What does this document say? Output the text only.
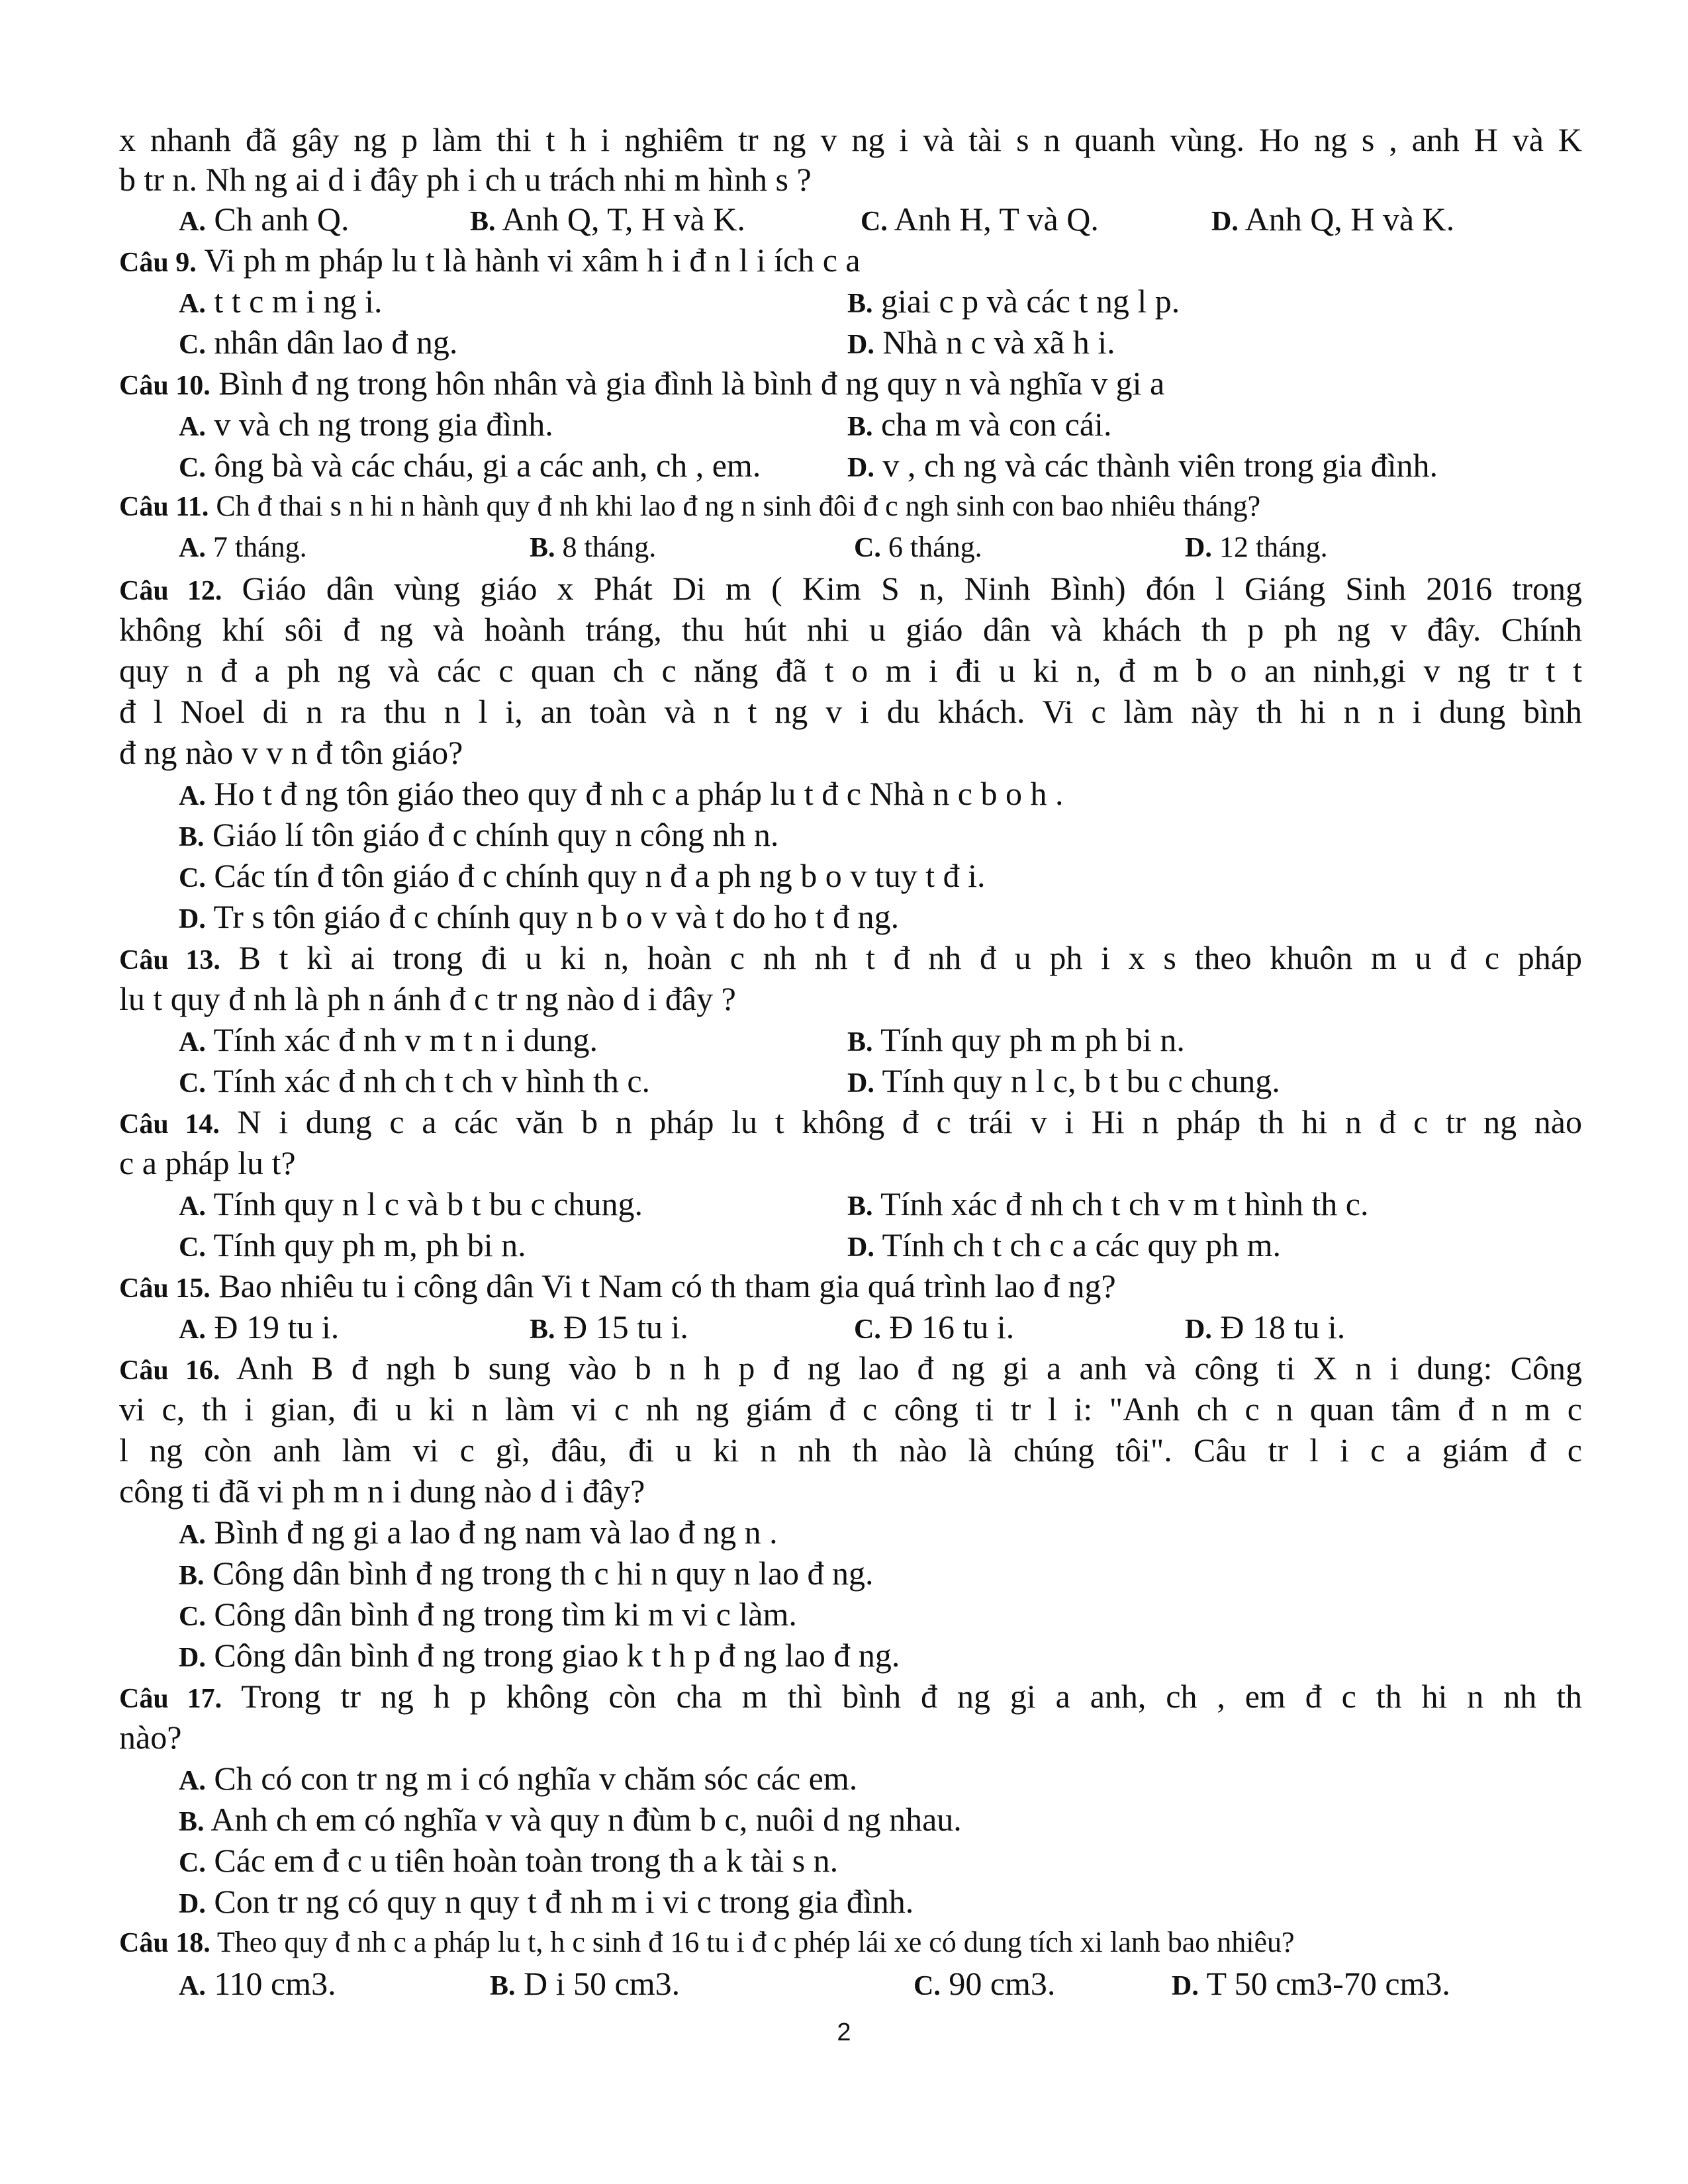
x nhanh đã gây ng p làm thi t h i nghiêm tr ng v ng i và tài s n quanh vùng. Ho ng s , anh H và K
b tr n. Nh ng ai d i đây ph i ch u trách nhi m hình s ?
A. Ch anh Q.	B. Anh Q, T, H và K.	C. Anh H, T và Q.	D. Anh Q, H và K.
Câu 9. Vi ph m pháp lu t là hành vi xâm h i đ n l i ích c a
A. t t c m i ng i.	B. giai c p và các t ng l p.
C. nhân dân lao đ ng.	D. Nhà n c và xã h i.
Câu 10. Bình đ ng trong hôn nhân và gia đình là bình đ ng quy n và nghĩa v gi a
A. v và ch ng trong gia đình.	B. cha m và con cái.
C. ông bà và các cháu, gi a các anh, ch , em.	D. v , ch ng và các thành viên trong gia đình.
Câu 11. Ch đ thai s n hi n hành quy đ nh khi lao đ ng n sinh đôi đ c ngh sinh con bao nhiêu tháng?
A. 7 tháng.	B. 8 tháng.	C. 6 tháng.	D. 12 tháng.
Câu 12. Giáo dân vùng giáo x Phát Di m ( Kim S n, Ninh Bình) đón l Giáng Sinh 2016 trong
không khí sôi đ ng và hoành tráng, thu hút nhi u giáo dân và khách th p ph ng v đây. Chính
quy n đ a ph ng và các c quan ch c năng đã t o m i đi u ki n, đ m b o an ninh,gi v ng tr t t
đ l Noel di n ra thu n l i, an toàn và n t ng v i du khách. Vi c làm này th hi n n i dung bình
đ ng nào v v n đ tôn giáo?
A. Ho t đ ng tôn giáo theo quy đ nh c a pháp lu t đ c Nhà n c b o h .
B. Giáo lí tôn giáo đ c chính quy n công nh n.
C. Các tín đ tôn giáo đ c chính quy n đ a ph ng b o v tuy t đ i.
D. Tr s tôn giáo đ c chính quy n b o v và t do ho t đ ng.
Câu 13. B t kì ai trong đi u ki n, hoàn c nh nh t đ nh đ u ph i x s theo khuôn m u đ c pháp
lu t quy đ nh là ph n ánh đ c tr ng nào d i đây ?
A. Tính xác đ nh v m t n i dung.	B. Tính quy ph m ph bi n.
C. Tính xác đ nh ch t ch v hình th c.	D. Tính quy n l c, b t bu c chung.
Câu 14. N i dung c a các văn b n pháp lu t không đ c trái v i Hi n pháp th hi n đ c tr ng nào
c a pháp lu t?
A. Tính quy n l c và b t bu c chung.	B. Tính xác đ nh ch t ch v m t hình th c.
C. Tính quy ph m, ph bi n.	D. Tính ch t ch c a các quy ph m.
Câu 15. Bao nhiêu tu i công dân Vi t Nam có th tham gia quá trình lao đ ng?
A. Đ 19 tu i.	B. Đ 15 tu i.	C. Đ 16 tu i.	D. Đ 18 tu i.
Câu 16. Anh B đ ngh b sung vào b n h p đ ng lao đ ng gi a anh và công ti X n i dung: Công
vi c, th i gian, đi u ki n làm vi c nh ng giám đ c công ti tr l i: "Anh ch c n quan tâm đ n m c
l ng còn anh làm vi c gì, đâu, đi u ki n nh th nào là chúng tôi". Câu tr l i c a giám đ c
công ti đã vi ph m n i dung nào d i đây?
A. Bình đ ng gi a lao đ ng nam và lao đ ng n .
B. Công dân bình đ ng trong th c hi n quy n lao đ ng.
C. Công dân bình đ ng trong tìm ki m vi c làm.
D. Công dân bình đ ng trong giao k t h p đ ng lao đ ng.
Câu 17. Trong tr ng h p không còn cha m thì bình đ ng gi a anh, ch , em đ c th hi n nh th
nào?
A. Ch có con tr ng m i có nghĩa v chăm sóc các em.
B. Anh ch em có nghĩa v và quy n đùm b c, nuôi d ng nhau.
C. Các em đ c u tiên hoàn toàn trong th a k tài s n.
D. Con tr ng có quy n quy t đ nh m i vi c trong gia đình.
Câu 18. Theo quy đ nh c a pháp lu t, h c sinh đ 16 tu i đ c phép lái xe có dung tích xi lanh bao nhiêu?
A. 110 cm3.	B. D i 50 cm3.	C. 90 cm3.	D. T 50 cm3-70 cm3.
2
